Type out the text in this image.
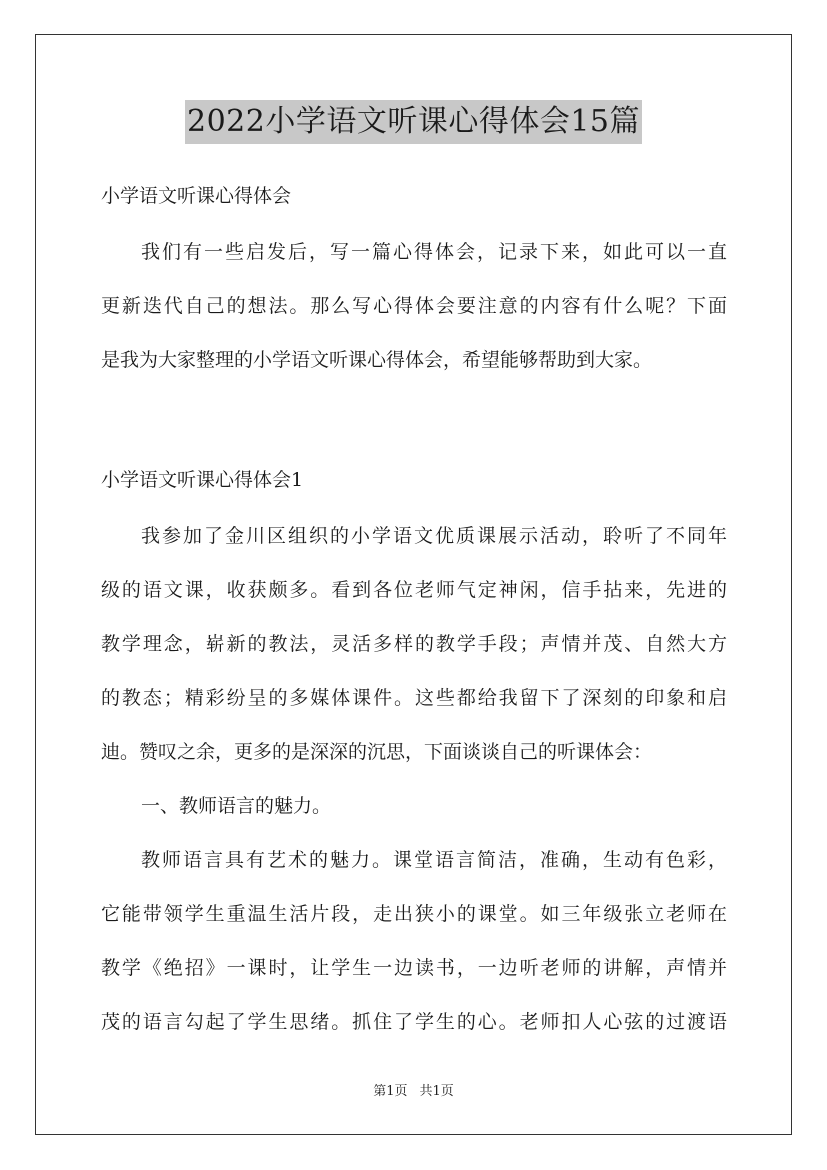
2022小学语文听课心得体会15篇
小学语文听课心得体会
我们有一些启发后，写一篇心得体会，记录下来，如此可以一直
更新迭代自己的想法。那么写心得体会要注意的内容有什么呢？下面
是我为大家整理的小学语文听课心得体会，希望能够帮助到大家。
小学语文听课心得体会1
我参加了金川区组织的小学语文优质课展示活动，聆听了不同年
级的语文课，收获颇多。看到各位老师气定神闲，信手拈来，先进的
教学理念，崭新的教法，灵活多样的教学手段；声情并茂、自然大方
的教态；精彩纷呈的多媒体课件。这些都给我留下了深刻的印象和启
迪。赞叹之余，更多的是深深的沉思，下面谈谈自己的听课体会：
一、教师语言的魅力。
教师语言具有艺术的魅力。课堂语言简洁，准确，生动有色彩，
它能带领学生重温生活片段，走出狭小的课堂。如三年级张立老师在
教学《绝招》一课时，让学生一边读书，一边听老师的讲解，声情并
茂的语言勾起了学生思绪。抓住了学生的心。老师扣人心弦的过渡语
第1页 共1页
